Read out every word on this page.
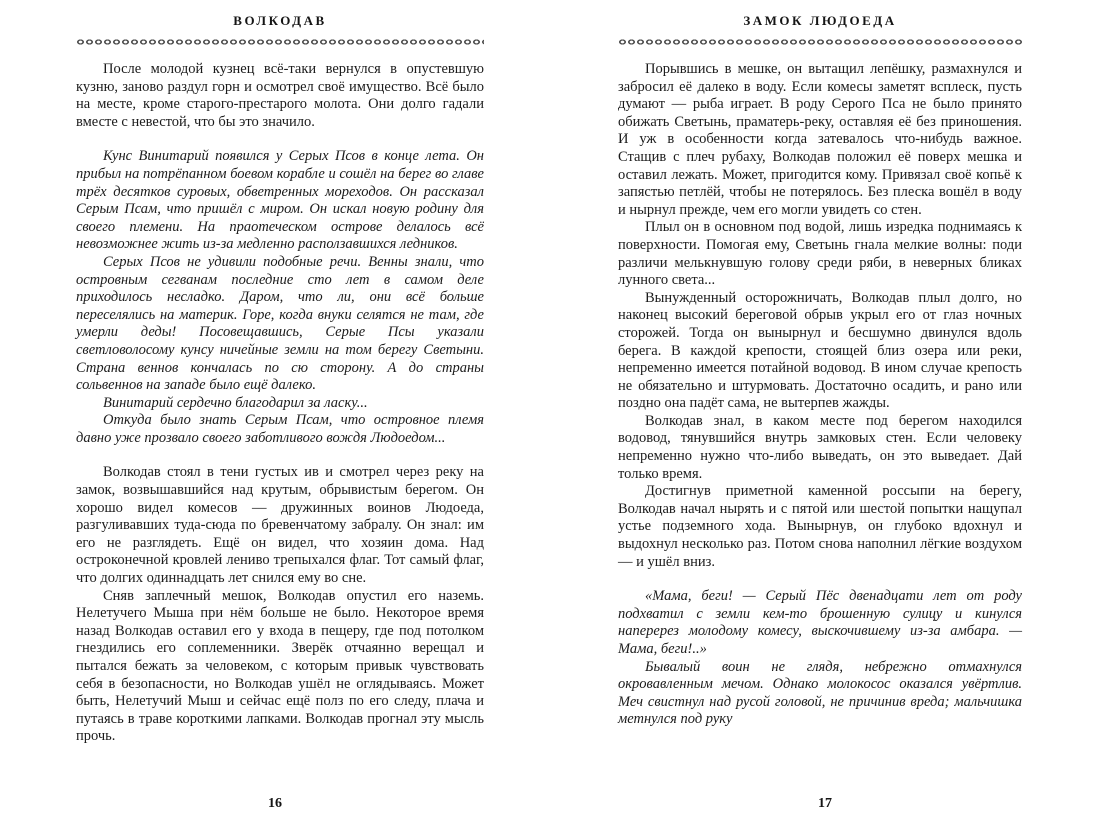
ВОЛКОДАВ

После молодой кузнец всё-таки вернулся в опустевшую кузню, заново раздул горн и осмотрел своё имущество. Всё было на месте, кроме старого-престарого молота. Они долго гадали вместе с невестой, что бы это значило.

Кунс Винитарий появился у Серых Псов в конце лета. Он прибыл на потрёпанном боевом корабле и сошёл на берег во главе трёх десятков суровых, обветренных мореходов. Он рассказал Серым Псам, что пришёл с миром. Он искал новую родину для своего племени. На праотеческом острове делалось всё невозможнее жить из-за медленно расползавшихся ледников.

Серых Псов не удивили подобные речи. Венны знали, что островным сегванам последние сто лет в самом деле приходилось несладко. Даром, что ли, они всё больше переселялись на материк. Горе, когда внуки селятся не там, где умерли деды! Посовещавшись, Серые Псы указали светловолосому кунсу ничейные земли на том берегу Светыни. Страна веннов кончалась по сю сторону. А до страны сольвеннов на западе было ещё далеко.

Винитарий сердечно благодарил за ласку...

Откуда было знать Серым Псам, что островное племя давно уже прозвало своего заботливого вождя Людоедом...

Волкодав стоял в тени густых ив и смотрел через реку на замок, возвышавшийся над крутым, обрывистым берегом. Он хорошо видел комесов — дружинных воинов Людоеда, разгуливавших туда-сюда по бревенчатому забралу. Он знал: им его не разглядеть. Ещё он видел, что хозяин дома. Над остроконечной кровлей лениво трепыхался флаг. Тот самый флаг, что долгих одиннадцать лет снился ему во сне.

Сняв заплечный мешок, Волкодав опустил его наземь. Нелетучего Мыша при нём больше не было. Некоторое время назад Волкодав оставил его у входа в пещеру, где под потолком гнездились его соплеменники. Зверёк отчаянно верещал и пытался бежать за человеком, с которым привык чувствовать себя в безопасности, но Волкодав ушёл не оглядываясь. Может быть, Нелетучий Мыш и сейчас ещё полз по его следу, плача и путаясь в траве короткими лапками. Волкодав прогнал эту мысль прочь.

16
ЗАМОК ЛЮДОЕДА

Порывшись в мешке, он вытащил лепёшку, размахнулся и забросил её далеко в воду. Если комесы заметят всплеск, пусть думают — рыба играет. В роду Серого Пса не было принято обижать Светынь, праматерь-реку, оставляя её без приношения. И уж в особенности когда затевалось что-нибудь важное. Стащив с плеч рубаху, Волкодав положил её поверх мешка и оставил лежать. Может, пригодится кому. Привязал своё копьё к запястью петлёй, чтобы не потерялось. Без плеска вошёл в воду и нырнул прежде, чем его могли увидеть со стен.

Плыл он в основном под водой, лишь изредка поднимаясь к поверхности. Помогая ему, Светынь гнала мелкие волны: поди различи мелькнувшую голову среди ряби, в неверных бликах лунного света...

Вынужденный осторожничать, Волкодав плыл долго, но наконец высокий береговой обрыв укрыл его от глаз ночных сторожей. Тогда он вынырнул и бесшумно двинулся вдоль берега. В каждой крепости, стоящей близ озера или реки, непременно имеется потайной водовод. В ином случае крепость не обязательно и штурмовать. Достаточно осадить, и рано или поздно она падёт сама, не вытерпев жажды.

Волкодав знал, в каком месте под берегом находился водовод, тянувшийся внутрь замковых стен. Если человеку непременно нужно что-либо выведать, он это выведает. Дай только время.

Достигнув приметной каменной россыпи на берегу, Волкодав начал нырять и с пятой или шестой попытки нащупал устье подземного хода. Вынырнув, он глубоко вдохнул и выдохнул несколько раз. Потом снова наполнил лёгкие воздухом — и ушёл вниз.

«Мама, беги! — Серый Пёс двенадцати лет от роду подхватил с земли кем-то брошенную сулицу и кинулся наперерез молодому комесу, выскочившему из-за амбара. — Мама, беги!..»

Бывалый воин не глядя, небрежно отмахнулся окровавленным мечом. Однако молокосос оказался увёртлив. Меч свистнул над русой головой, не причинив вреда; мальчишка метнулся под руку

17
